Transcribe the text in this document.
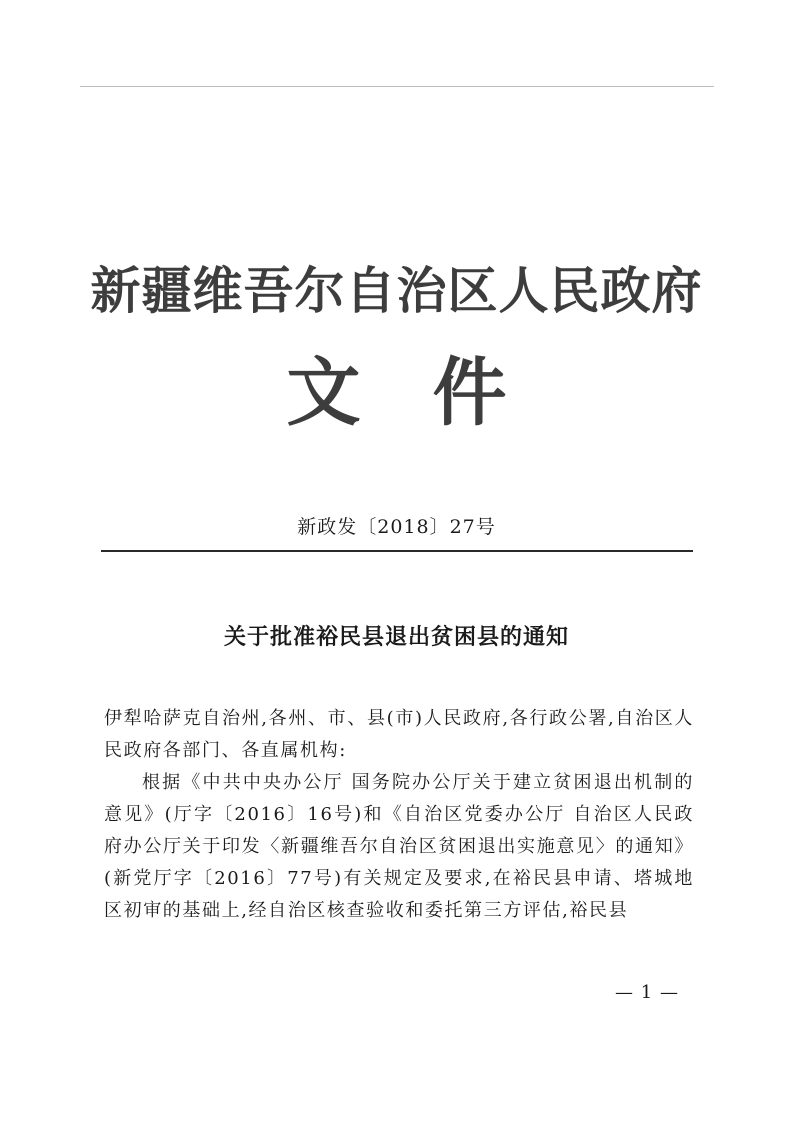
新疆维吾尔自治区人民政府
文件
新政发〔2018〕27号
关于批准裕民县退出贫困县的通知

伊犁哈萨克自治州,各州、市、县(市)人民政府,各行政公署,自治区人民政府各部门、各直属机构:

根据《中共中央办公厅 国务院办公厅关于建立贫困退出机制的意见》(厅字〔2016〕16号)和《自治区党委办公厅 自治区人民政府办公厅关于印发〈新疆维吾尔自治区贫困退出实施意见〉的通知》(新党厅字〔2016〕77号)有关规定及要求,在裕民县申请、塔城地区初审的基础上,经自治区核查验收和委托第三方评估,裕民县

— 1 —
